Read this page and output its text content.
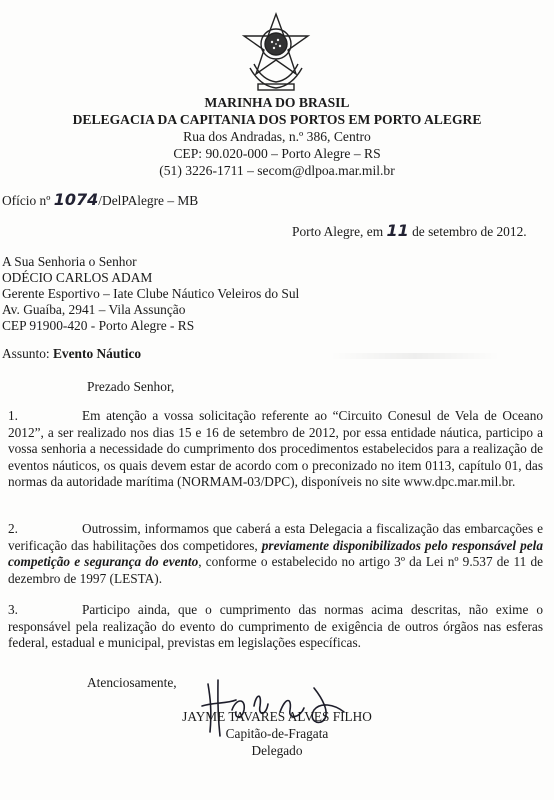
MARINHA DO BRASIL
DELEGACIA DA CAPITANIA DOS PORTOS EM PORTO ALEGRE
Rua dos Andradas, n.º 386, Centro
CEP: 90.020-000 – Porto Alegre – RS
(51) 3226-1711 – secom@dlpoa.mar.mil.br
Ofício nº 1074/DelPAlegre – MB
Porto Alegre, em 11 de setembro de 2012.
A Sua Senhoria o Senhor
ODÉCIO CARLOS ADAM
Gerente Esportivo – Iate Clube Náutico Veleiros do Sul
Av. Guaíba, 2941 – Vila Assunção
CEP 91900-420 - Porto Alegre - RS
Assunto: Evento Náutico
Prezado Senhor,
1.	Em atenção a vossa solicitação referente ao “Circuito Conesul de Vela de Oceano 2012”, a ser realizado nos dias 15 e 16 de setembro de 2012, por essa entidade náutica, participo a vossa senhoria a necessidade do cumprimento dos procedimentos estabelecidos para a realização de eventos náuticos, os quais devem estar de acordo com o preconizado no item 0113, capítulo 01, das normas da autoridade marítima (NORMAM-03/DPC), disponíveis no site www.dpc.mar.mil.br.
2.	Outrossim, informamos que caberá a esta Delegacia a fiscalização das embarcações e verificação das habilitações dos competidores, previamente disponibilizados pelo responsável pela competição e segurança do evento, conforme o estabelecido no artigo 3º da Lei nº 9.537 de 11 de dezembro de 1997 (LESTA).
3.	Participo ainda, que o cumprimento das normas acima descritas, não exime o responsável pela realização do evento do cumprimento de exigência de outros órgãos nas esferas federal, estadual e municipal, previstas em legislações específicas.
Atenciosamente,
JAYME TAVARES ALVES FILHO
Capitão-de-Fragata
Delegado
